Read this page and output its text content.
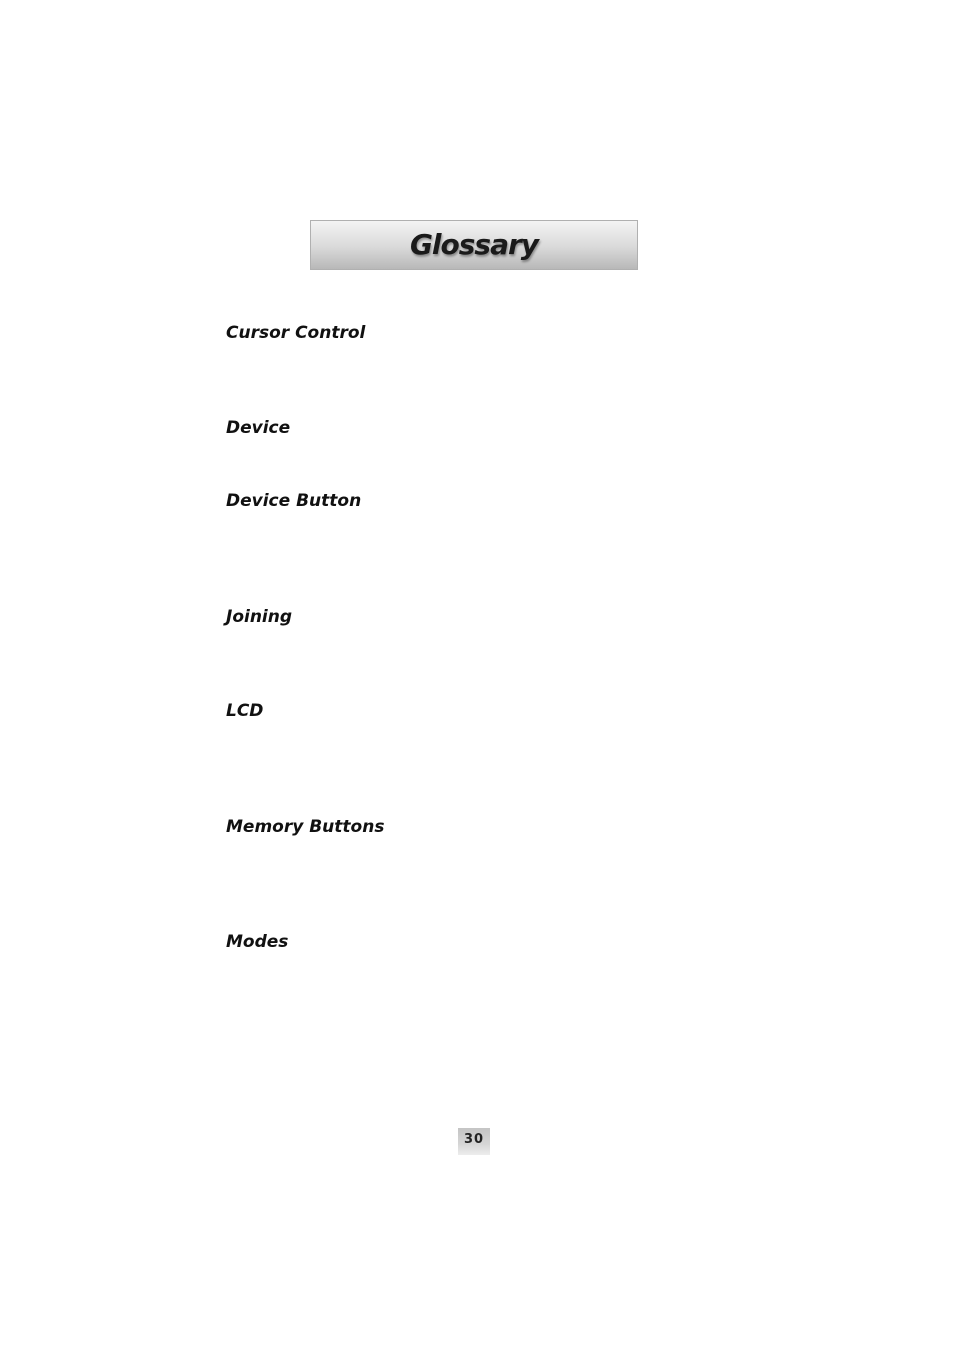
Glossary
Cursor Control
Device
Device Button
Joining
LCD
Memory Buttons
Modes
30
